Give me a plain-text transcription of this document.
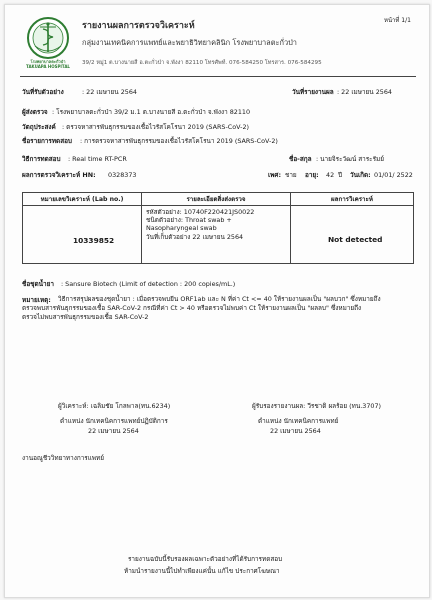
หน้าที่ 1/1
โรงพยาบาลตะกั่วป่า
TAKUAPA HOSPITAL
รายงานผลการตรวจวิเคราะห์
กลุ่มงานเทคนิคการแพทย์และพยาธิวิทยาคลินิก โรงพยาบาลตะกั่วป่า
39/2 หมู่1 ต.บางนายสี อ.ตะกั่วป่า จ.พังงา 82110 โทรศัพท์. 076-584250 โทรสาร. 076-584295
วันที่รับตัวอย่าง	: 22 เมษายน 2564	วันที่รายงานผล : 22 เมษายน 2564
ผู้ส่งตรวจ : โรงพยาบาลตะกั่วป่า 39/2 ม.1 ต.บางนายสี อ.ตะกั่วป่า จ.พังงา 82110
วัตถุประสงค์ : ตรวจหาสารพันธุกรรมของเชื้อไวรัสโคโรนา 2019 (SARS-CoV-2)
ชื่อรายการทดสอบ : การตรวจหาสารพันธุกรรมของเชื้อไวรัสโคโรนา 2019 (SARS-CoV-2)
วิธีการทดสอบ : Real time RT-PCR	ชื่อ-สกุล : นายจิระวัฒน์ สาระรัมย์
ผลการตรวจวิเคราะห์ HN: 0328373	เพศ: ชาย อายุ: 42 ปี วันเกิด: 01/01/ 2522
หมายเลขวิเคราะห์ (Lab no.)	รายละเอียดสิ่งส่งตรวจ	ผลการวิเคราะห์

10339852	รหัสตัวอย่าง: 10740F220421JS0022
ชนิดตัวอย่าง: Throat swab +
Nasopharyngeal swab
วันที่เก็บตัวอย่าง 22 เมษายน 2564	Not detected
ชื่อชุดน้ำยา : Sansure Biotech (Limit of detection : 200 copies/mL.)
หมายเหตุ: วิธีการสรุปผลของชุดน้ำยา : เมื่อตรวจพบยีน ORF1ab และ N ที่ค่า Ct <= 40 ให้รายงานผลเป็น "ผลบวก" ซึ่งหมายถึง
ตรวจพบสารพันธุกรรมของเชื้อ SAR-CoV-2 กรณีที่ค่า Ct > 40 หรือตรวจไม่พบค่า Ct ให้รายงานผลเป็น "ผลลบ" ซึ่งหมายถึง
ตรวจไม่พบสารพันธุกรรมของเชื้อ SAR-CoV-2
ผู้วิเคราะห์: เฉลิมชัย โกลพาล(ทน.6234)
ตำแหน่ง นักเทคนิคการแพทย์ปฏิบัติการ
22 เมษายน 2564
ผู้รับรองรายงานผล: วีรชาติ ผลร้อย (ทน.3707)
ตำแหน่ง นักเทคนิคการแพทย์
22 เมษายน 2564
งานอณูชีววิทยาทางการแพทย์
รายงานฉบับนี้รับรองผลเฉพาะตัวอย่างที่ได้รับการทดสอบ
ห้ามนำรายงานนี้ไปทำเพียงแค่นั้น แก้ไข ประกาศโฆษณา
